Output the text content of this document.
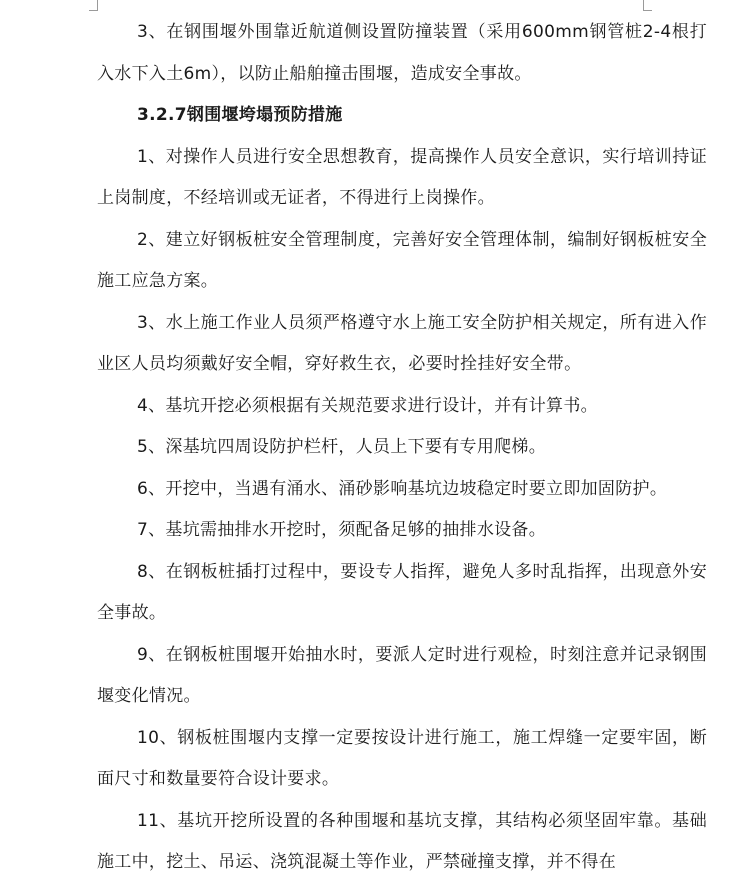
3、在钢围堰外围靠近航道侧设置防撞装置（采用600mm钢管桩2-4根打入水下入土6m），以防止船舶撞击围堰，造成安全事故。

3.2.7钢围堰垮塌预防措施

1、对操作人员进行安全思想教育，提高操作人员安全意识，实行培训持证上岗制度，不经培训或无证者，不得进行上岗操作。

2、建立好钢板桩安全管理制度，完善好安全管理体制，编制好钢板桩安全施工应急方案。

3、水上施工作业人员须严格遵守水上施工安全防护相关规定，所有进入作业区人员均须戴好安全帽，穿好救生衣，必要时拴挂好安全带。

4、基坑开挖必须根据有关规范要求进行设计，并有计算书。

5、深基坑四周设防护栏杆，人员上下要有专用爬梯。

6、开挖中，当遇有涌水、涌砂影响基坑边坡稳定时要立即加固防护。

7、基坑需抽排水开挖时，须配备足够的抽排水设备。

8、在钢板桩插打过程中，要设专人指挥，避免人多时乱指挥，出现意外安全事故。

9、在钢板桩围堰开始抽水时，要派人定时进行观检，时刻注意并记录钢围堰变化情况。

10、钢板桩围堰内支撑一定要按设计进行施工，施工焊缝一定要牢固，断面尺寸和数量要符合设计要求。

11、基坑开挖所设置的各种围堰和基坑支撑，其结构必须坚固牢靠。基础施工中，挖土、吊运、浇筑混凝土等作业，严禁碰撞支撑，并不得在
